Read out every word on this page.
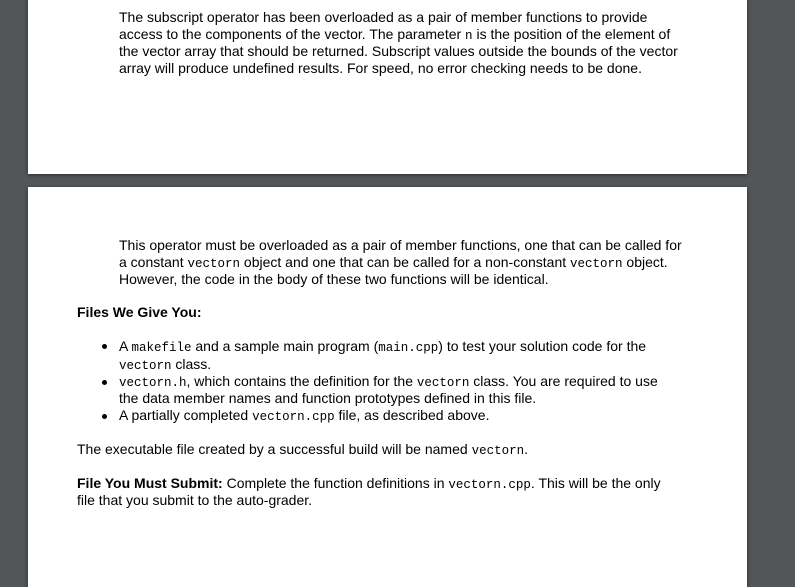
The subscript operator has been overloaded as a pair of member functions to provide

access to the components of the vector. The parameter n is the position of the element of

the vector array that should be returned. Subscript values outside the bounds of the vector

array will produce undefined results. For speed, no error checking needs to be done.

This operator must be overloaded as a pair of member functions, one that can be called for

a constant vectorn object and one that can be called for a non-constant vectorn object.

However, the code in the body of these two functions will be identical.

Files We Give You:

A makefile and a sample main program (main.cpp) to test your solution code for the

vectorn class.

vectorn.h, which contains the definition for the vectorn class. You are required to use

the data member names and function prototypes defined in this file.

A partially completed vectorn.cpp file, as described above.

The executable file created by a successful build will be named vectorn.

File You Must Submit: Complete the function definitions in vectorn.cpp. This will be the only

file that you submit to the auto-grader.
